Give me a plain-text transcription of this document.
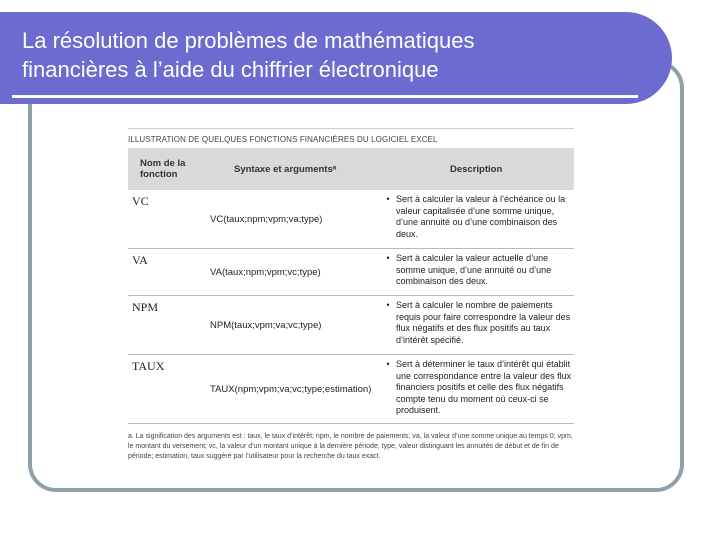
La résolution de problèmes de mathématiques
financières à l’aide du chiffrier électronique
ILLUSTRATION DE QUELQUES FONCTIONS FINANCIÈRES DU LOGICIEL EXCEL
Nom de la fonction	Syntaxe et argumentsᵃ	Description
VC
VC(taux;npm;vpm;va;type)
• Sert à calculer la valeur à l’échéance ou la valeur capitalisée d’une somme unique, d’une annuité ou d’une combinaison des deux.
VA
VA(taux;npm;vpm;vc;type)
• Sert à calculer la valeur actuelle d’une somme unique, d’une annuité ou d’une combinaison des deux.
NPM
NPM(taux;vpm;va;vc;type)
• Sert à calculer le nombre de paiements requis pour faire correspondre la valeur des flux négatifs et des flux positifs au taux d’intérêt spécifié.
TAUX
TAUX(npm;vpm;va;vc;type;estimation)
• Sert à déterminer le taux d’intérêt qui établit une correspondance entre la valeur des flux financiers positifs et celle des flux négatifs compte tenu du moment où ceux-ci se produisent.
a. La signification des arguments est : taux, le taux d’intérêt; npm, le nombre de paiements; va, la valeur d’une somme unique au temps 0; vpm, le montant du versement; vc, la valeur d’un montant unique à la dernière période; type, valeur distinguant les annuités de début et de fin de période; estimation, taux suggéré par l’utilisateur pour la recherche du taux exact.
